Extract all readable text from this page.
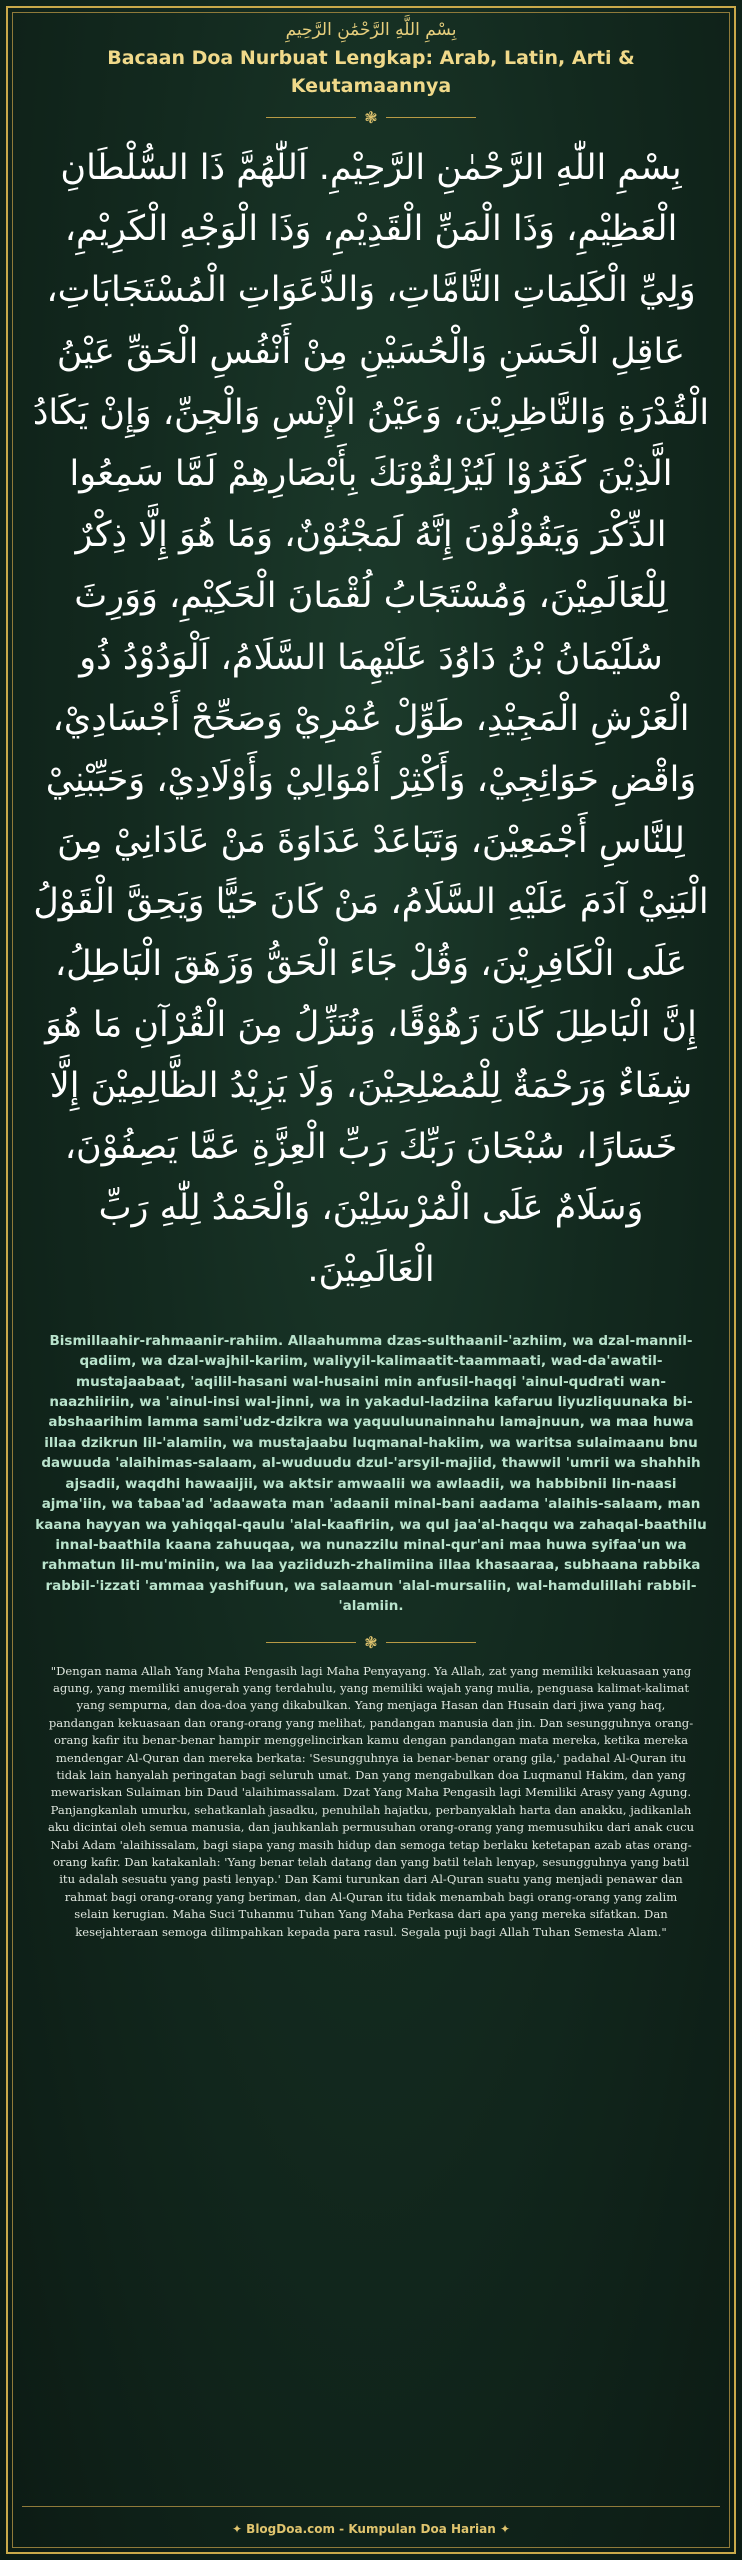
بِسْمِ اللَّهِ الرَّحْمَٰنِ الرَّحِيمِ
Bacaan Doa Nurbuat Lengkap: Arab, Latin, Arti & Keutamaannya
❃
بِسْمِ اللّٰهِ الرَّحْمٰنِ الرَّحِيْمِ. اَللّٰهُمَّ ذَا السُّلْطَانِ الْعَظِيْمِ، وَذَا الْمَنِّ الْقَدِيْمِ، وَذَا الْوَجْهِ الْكَرِيْمِ، وَلِيِّ الْكَلِمَاتِ التَّامَّاتِ، وَالدَّعَوَاتِ الْمُسْتَجَابَاتِ، عَاقِلِ الْحَسَنِ وَالْحُسَيْنِ مِنْ أَنْفُسِ الْحَقِّ عَيْنُ الْقُدْرَةِ وَالنَّاظِرِيْنَ، وَعَيْنُ الْإِنْسِ وَالْجِنِّ، وَإِنْ يَكَادُ الَّذِيْنَ كَفَرُوْا لَيُزْلِقُوْنَكَ بِأَبْصَارِهِمْ لَمَّا سَمِعُوا الذِّكْرَ وَيَقُوْلُوْنَ إِنَّهُ لَمَجْنُوْنٌ، وَمَا هُوَ إِلَّا ذِكْرٌ لِلْعَالَمِيْنَ، وَمُسْتَجَابُ لُقْمَانَ الْحَكِيْمِ، وَوَرِثَ سُلَيْمَانُ بْنُ دَاوُدَ عَلَيْهِمَا السَّلَامُ، اَلْوَدُوْدُ ذُو الْعَرْشِ الْمَجِيْدِ، طَوِّلْ عُمْرِيْ وَصَحِّحْ أَجْسَادِيْ، وَاقْضِ حَوَائِجِيْ، وَأَكْثِرْ أَمْوَالِيْ وَأَوْلَادِيْ، وَحَبِّبْنِيْ لِلنَّاسِ أَجْمَعِيْنَ، وَتَبَاعَدْ عَدَاوَةَ مَنْ عَادَانِيْ مِنَ الْبَنِيْ آدَمَ عَلَيْهِ السَّلَامُ، مَنْ كَانَ حَيًّا وَيَحِقَّ الْقَوْلُ عَلَى الْكَافِرِيْنَ، وَقُلْ جَاءَ الْحَقُّ وَزَهَقَ الْبَاطِلُ، إِنَّ الْبَاطِلَ كَانَ زَهُوْقًا، وَنُنَزِّلُ مِنَ الْقُرْآنِ مَا هُوَ شِفَاءٌ وَرَحْمَةٌ لِلْمُصْلِحِيْنَ، وَلَا يَزِيْدُ الظَّالِمِيْنَ إِلَّا خَسَارًا، سُبْحَانَ رَبِّكَ رَبِّ الْعِزَّةِ عَمَّا يَصِفُوْنَ، وَسَلَامٌ عَلَى الْمُرْسَلِيْنَ، وَالْحَمْدُ لِلّٰهِ رَبِّ الْعَالَمِيْنَ.
Bismillaahir-rahmaanir-rahiim. Allaahumma dzas-sulthaanil-'azhiim, wa dzal-mannil-qadiim, wa dzal-wajhil-kariim, waliyyil-kalimaatit-taammaati, wad-da'awatil-mustajaabaat, 'aqilil-hasani wal-husaini min anfusil-haqqi 'ainul-qudrati wan-naazhiiriin, wa 'ainul-insi wal-jinni, wa in yakadul-ladziina kafaruu liyuzliquunaka bi-abshaarihim lamma sami'udz-dzikra wa yaquuluunainnahu lamajnuun, wa maa huwa illaa dzikrun lil-'alamiin, wa mustajaabu luqmanal-hakiim, wa waritsa sulaimaanu bnu dawuuda 'alaihimas-salaam, al-wuduudu dzul-'arsyil-majiid, thawwil 'umrii wa shahhih ajsadii, waqdhi hawaaijii, wa aktsir amwaalii wa awlaadii, wa habbibnii lin-naasi ajma'iin, wa tabaa'ad 'adaawata man 'adaanii minal-bani aadama 'alaihis-salaam, man kaana hayyan wa yahiqqal-qaulu 'alal-kaafiriin, wa qul jaa'al-haqqu wa zahaqal-baathilu innal-baathila kaana zahuuqaa, wa nunazzilu minal-qur'ani maa huwa syifaa'un wa rahmatun lil-mu'miniin, wa laa yaziiduzh-zhalimiina illaa khasaaraa, subhaana rabbika rabbil-'izzati 'ammaa yashifuun, wa salaamun 'alal-mursaliin, wal-hamdulillahi rabbil-'alamiin.
❃
"Dengan nama Allah Yang Maha Pengasih lagi Maha Penyayang. Ya Allah, zat yang memiliki kekuasaan yang agung, yang memiliki anugerah yang terdahulu, yang memiliki wajah yang mulia, penguasa kalimat-kalimat yang sempurna, dan doa-doa yang dikabulkan. Yang menjaga Hasan dan Husain dari jiwa yang haq, pandangan kekuasaan dan orang-orang yang melihat, pandangan manusia dan jin. Dan sesungguhnya orang-orang kafir itu benar-benar hampir menggelincirkan kamu dengan pandangan mata mereka, ketika mereka mendengar Al-Quran dan mereka berkata: 'Sesungguhnya ia benar-benar orang gila,' padahal Al-Quran itu tidak lain hanyalah peringatan bagi seluruh umat. Dan yang mengabulkan doa Luqmanul Hakim, dan yang mewariskan Sulaiman bin Daud 'alaihimassalam. Dzat Yang Maha Pengasih lagi Memiliki Arasy yang Agung. Panjangkanlah umurku, sehatkanlah jasadku, penuhilah hajatku, perbanyaklah harta dan anakku, jadikanlah aku dicintai oleh semua manusia, dan jauhkanlah permusuhan orang-orang yang memusuhiku dari anak cucu Nabi Adam 'alaihissalam, bagi siapa yang masih hidup dan semoga tetap berlaku ketetapan azab atas orang-orang kafir. Dan katakanlah: 'Yang benar telah datang dan yang batil telah lenyap, sesungguhnya yang batil itu adalah sesuatu yang pasti lenyap.' Dan Kami turunkan dari Al-Quran suatu yang menjadi penawar dan rahmat bagi orang-orang yang beriman, dan Al-Quran itu tidak menambah bagi orang-orang yang zalim selain kerugian. Maha Suci Tuhanmu Tuhan Yang Maha Perkasa dari apa yang mereka sifatkan. Dan kesejahteraan semoga dilimpahkan kepada para rasul. Segala puji bagi Allah Tuhan Semesta Alam."
✦ BlogDoa.com - Kumpulan Doa Harian ✦
